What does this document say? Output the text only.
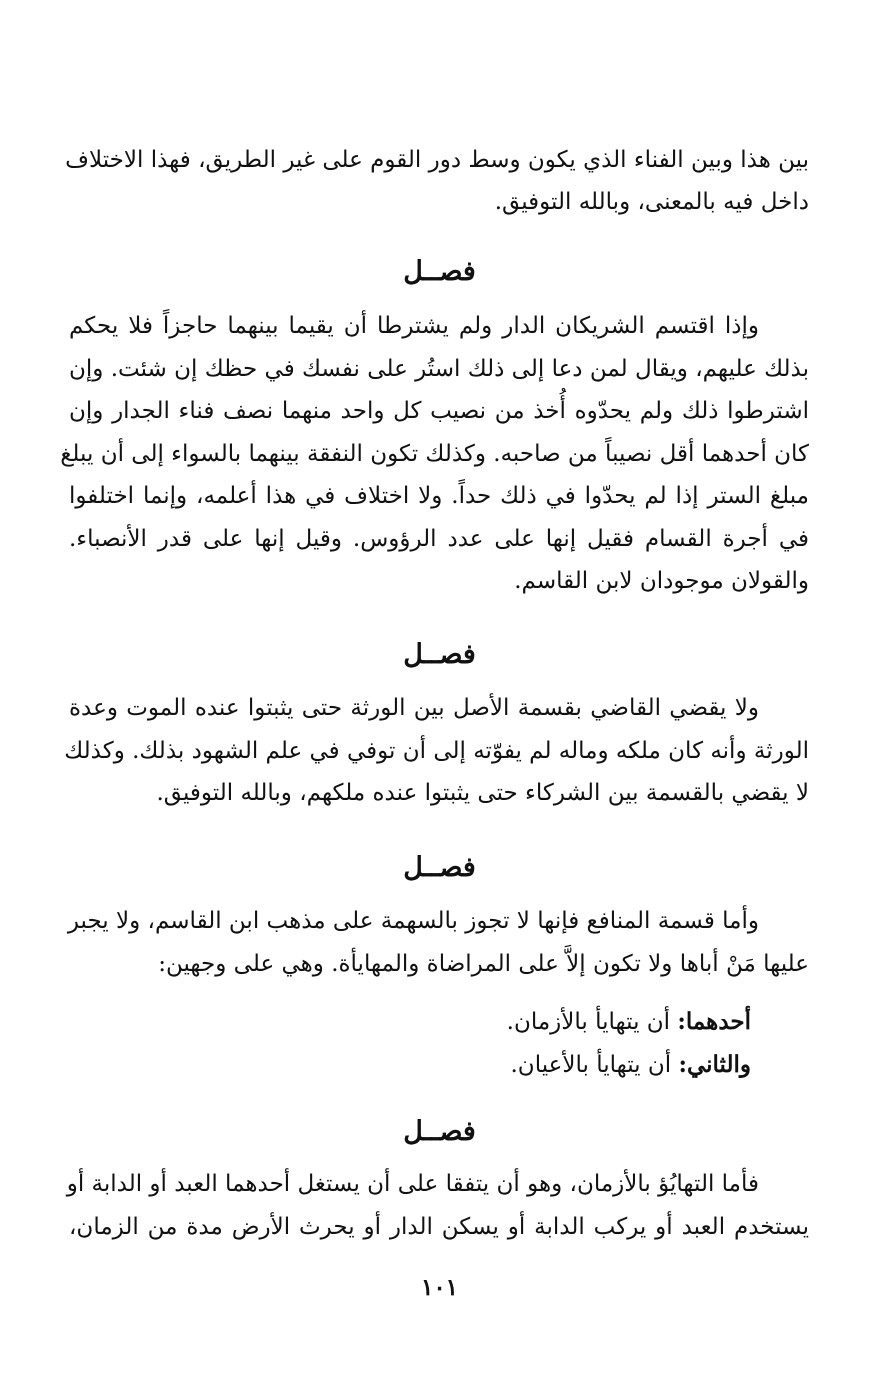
بين هذا وبين الفناء الذي يكون وسط دور القوم على غير الطريق، فهذا الاختلاف
داخل فيه بالمعنى، وبالله التوفيق.
فصــل
وإذا اقتسم الشريكان الدار ولم يشترطا أن يقيما بينهما حاجزاً فلا يحكم
بذلك عليهم، ويقال لمن دعا إلى ذلك استُر على نفسك في حظك إن شئت. وإن
اشترطوا ذلك ولم يحدّوه أُخذ من نصيب كل واحد منهما نصف فناء الجدار وإن
كان أحدهما أقل نصيباً من صاحبه. وكذلك تكون النفقة بينهما بالسواء إلى أن يبلغ
مبلغ الستر إذا لم يحدّوا في ذلك حداً. ولا اختلاف في هذا أعلمه، وإنما اختلفوا
في أجرة القسام فقيل إنها على عدد الرؤوس. وقيل إنها على قدر الأنصباء.
والقولان موجودان لابن القاسم.
فصــل
ولا يقضي القاضي بقسمة الأصل بين الورثة حتى يثبتوا عنده الموت وعدة
الورثة وأنه كان ملكه وماله لم يفوّته إلى أن توفي في علم الشهود بذلك. وكذلك
لا يقضي بالقسمة بين الشركاء حتى يثبتوا عنده ملكهم، وبالله التوفيق.
فصــل
وأما قسمة المنافع فإنها لا تجوز بالسهمة على مذهب ابن القاسم، ولا يجبر
عليها مَنْ أباها ولا تكون إلاَّ على المراضاة والمهايأة. وهي على وجهين:
أحدهما: أن يتهايأ بالأزمان.
والثاني: أن يتهايأ بالأعيان.
فصــل
فأما التهايُؤ بالأزمان، وهو أن يتفقا على أن يستغل أحدهما العبد أو الدابة أو
يستخدم العبد أو يركب الدابة أو يسكن الدار أو يحرث الأرض مدة من الزمان،
١٠١
